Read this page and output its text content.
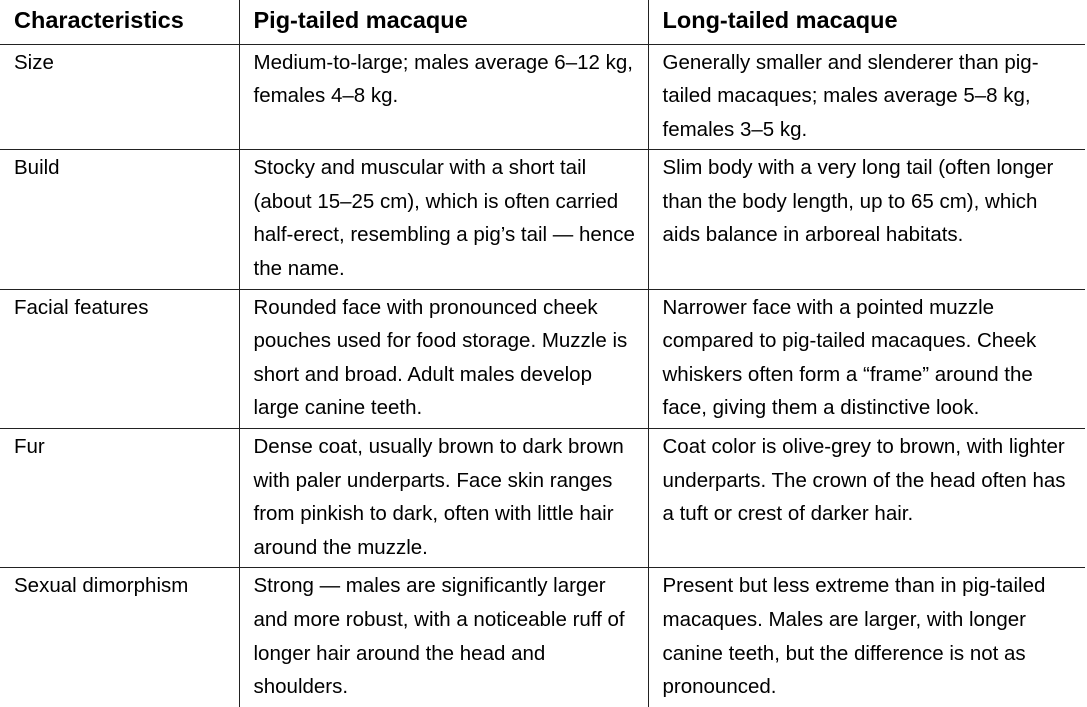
Characteristics	Pig-tailed macaque	Long-tailed macaque
Size	Medium-to-large; males average 6–12 kg, females 4–8 kg.	Generally smaller and slenderer than pig-tailed macaques; males average 5–8 kg, females 3–5 kg.
Build	Stocky and muscular with a short tail (about 15–25 cm), which is often carried half-erect, resembling a pig’s tail — hence the name.	Slim body with a very long tail (often longer than the body length, up to 65 cm), which aids balance in arboreal habitats.
Facial features	Rounded face with pronounced cheek pouches used for food storage. Muzzle is short and broad. Adult males develop large canine teeth.	Narrower face with a pointed muzzle compared to pig-tailed macaques. Cheek whiskers often form a “frame” around the face, giving them a distinctive look.
Fur	Dense coat, usually brown to dark brown with paler underparts. Face skin ranges from pinkish to dark, often with little hair around the muzzle.	Coat color is olive-grey to brown, with lighter underparts. The crown of the head often has a tuft or crest of darker hair.
Sexual dimorphism	Strong — males are significantly larger and more robust, with a noticeable ruff of longer hair around the head and shoulders.	Present but less extreme than in pig-tailed macaques. Males are larger, with longer canine teeth, but the difference is not as pronounced.
